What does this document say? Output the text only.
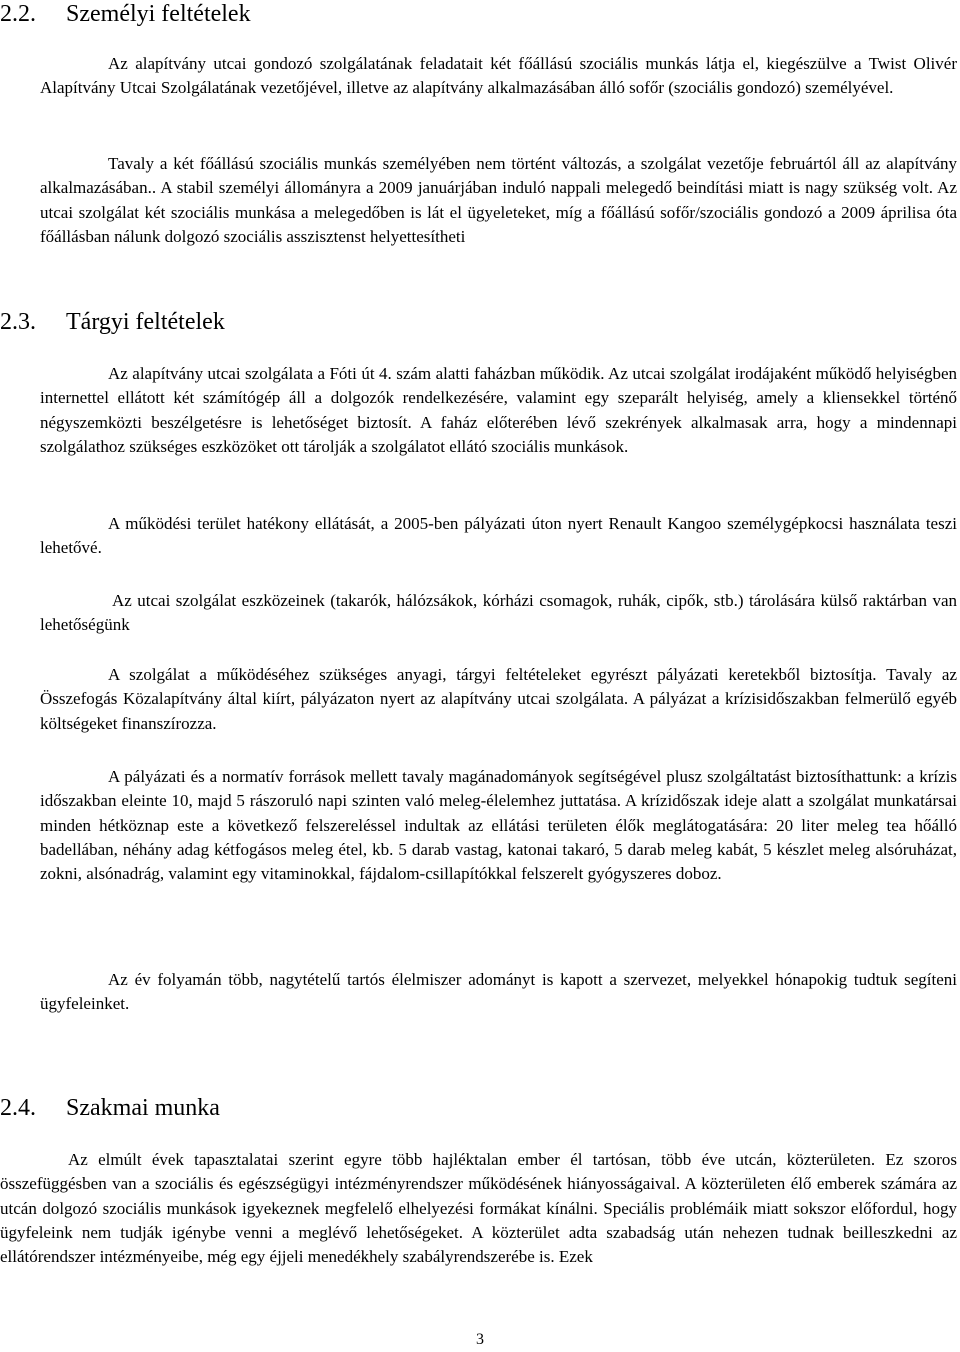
2.2. Személyi feltételek

Az alapítvány utcai gondozó szolgálatának feladatait két főállású szociális munkás látja el, kiegészülve a Twist Olivér Alapítvány Utcai Szolgálatának vezetőjével, illetve az alapítvány alkalmazásában álló sofőr (szociális gondozó) személyével.

Tavaly a két főállású szociális munkás személyében nem történt változás, a szolgálat vezetője februártól áll az alapítvány alkalmazásában.. A stabil személyi állományra a 2009 januárjában induló nappali melegedő beindítási miatt is nagy szükség volt. Az utcai szolgálat két szociális munkása a melegedőben is lát el ügyeleteket, míg a főállású sofőr/szociális gondozó a 2009 áprilisa óta főállásban nálunk dolgozó szociális asszisztenst helyettesítheti

2.3. Tárgyi feltételek

Az alapítvány utcai szolgálata a Fóti út 4. szám alatti faházban működik. Az utcai szolgálat irodájaként működő helyiségben internettel ellátott két számítógép áll a dolgozók rendelkezésére, valamint egy szeparált helyiség, amely a kliensekkel történő négyszemközti beszélgetésre is lehetőséget biztosít. A faház előterében lévő szekrények alkalmasak arra, hogy a mindennapi szolgálathoz szükséges eszközöket ott tárolják a szolgálatot ellátó szociális munkások.

A működési terület hatékony ellátását, a 2005-ben pályázati úton nyert Renault Kangoo személygépkocsi használata teszi lehetővé.

Az utcai szolgálat eszközeinek (takarók, hálózsákok, kórházi csomagok, ruhák, cipők, stb.) tárolására külső raktárban van lehetőségünk

A szolgálat a működéséhez szükséges anyagi, tárgyi feltételeket egyrészt pályázati keretekből biztosítja. Tavaly az Összefogás Közalapítvány által kiírt, pályázaton nyert az alapítvány utcai szolgálata. A pályázat a krízisidőszakban felmerülő egyéb költségeket finanszírozza.

A pályázati és a normatív források mellett tavaly magánadományok segítségével plusz szolgáltatást biztosíthattunk: a krízis időszakban eleinte 10, majd 5 rászoruló napi szinten való meleg-élelemhez juttatása. A krízidőszak ideje alatt a szolgálat munkatársai minden hétköznap este a következő felszereléssel indultak az ellátási területen élők meglátogatására: 20 liter meleg tea hőálló badellában, néhány adag kétfogásos meleg étel, kb. 5 darab vastag, katonai takaró, 5 darab meleg kabát, 5 készlet meleg alsóruházat, zokni, alsónadrág, valamint egy vitaminokkal, fájdalom-csillapítókkal felszerelt gyógyszeres doboz.

Az év folyamán több, nagytételű tartós élelmiszer adományt is kapott a szervezet, melyekkel hónapokig tudtuk segíteni ügyfeleinket.

2.4. Szakmai munka

Az elmúlt évek tapasztalatai szerint egyre több hajléktalan ember él tartósan, több éve utcán, közterületen. Ez szoros összefüggésben van a szociális és egészségügyi intézményrendszer működésének hiányosságaival. A közterületen élő emberek számára az utcán dolgozó szociális munkások igyekeznek megfelelő elhelyezési formákat kínálni. Speciális problémáik miatt sokszor előfordul, hogy ügyfeleink nem tudják igénybe venni a meglévő lehetőségeket. A közterület adta szabadság után nehezen tudnak beilleszkedni az ellátórendszer intézményeibe, még egy éjjeli menedékhely szabályrendszerébe is. Ezek

3
